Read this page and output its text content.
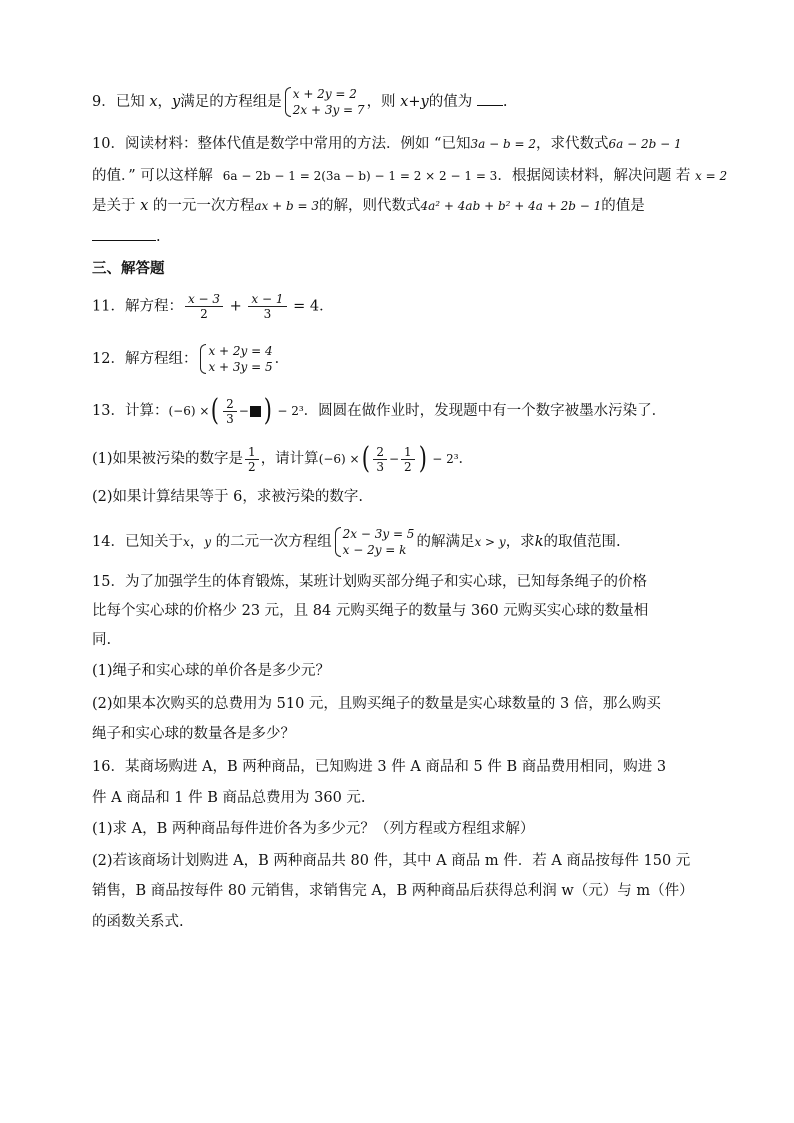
9．已知 x，y满足的方程组是 x + 2y = 2
2x + 3y = 7 ，则 x+y的值为 .
10．阅读材料：整体代值是数学中常用的方法．例如 “已知3a − b = 2，求代数式6a − 2b − 1
的值．” 可以这样解 6a − 2b − 1 = 2(3a − b) − 1 = 2 × 2 − 1 = 3．根据阅读材料，解决问题 若 x = 2
是关于 x 的一元一次方程ax + b = 3的解，则代数式4a² + 4ab + b² + 4a + 2b − 1的值是
.
三、解答题
11．解方程： $\frac{x - 3}{2} + \frac{x - 1}{3} = 4$．
12．解方程组： x + 2y = 4
x + 3y = 5 ．
13．计算：(−6) ×( $\frac{2}{3}$ − ) − 2³．圆圆在做作业时，发现题中有一个数字被墨水污染了．
(1)如果被污染的数字是 $\frac{1}{2}$ ，请计算(−6) ×( $\frac{2}{3} - \frac{1}{2}$ ) − 2³．
(2)如果计算结果等于 6，求被污染的数字.
14．已知关于x，y 的二元一次方程组 2x − 3y = 5
x − 2y = k 的解满足x > y，求k的取值范围.
15．为了加强学生的体育锻炼，某班计划购买部分绳子和实心球，已知每条绳子的价格
比每个实心球的价格少 23 元，且 84 元购买绳子的数量与 360 元购买实心球的数量相
同.
(1)绳子和实心球的单价各是多少元？
(2)如果本次购买的总费用为 510 元，且购买绳子的数量是实心球数量的 3 倍，那么购买
绳子和实心球的数量各是多少？
16．某商场购进 A，B 两种商品，已知购进 3 件 A 商品和 5 件 B 商品费用相同，购进 3
件 A 商品和 1 件 B 商品总费用为 360 元.
(1)求 A，B 两种商品每件进价各为多少元？（列方程或方程组求解）
(2)若该商场计划购进 A，B 两种商品共 80 件，其中 A 商品 m 件．若 A 商品按每件 150 元
销售，B 商品按每件 80 元销售，求销售完 A，B 两种商品后获得总利润 w（元）与 m（件）
的函数关系式.
